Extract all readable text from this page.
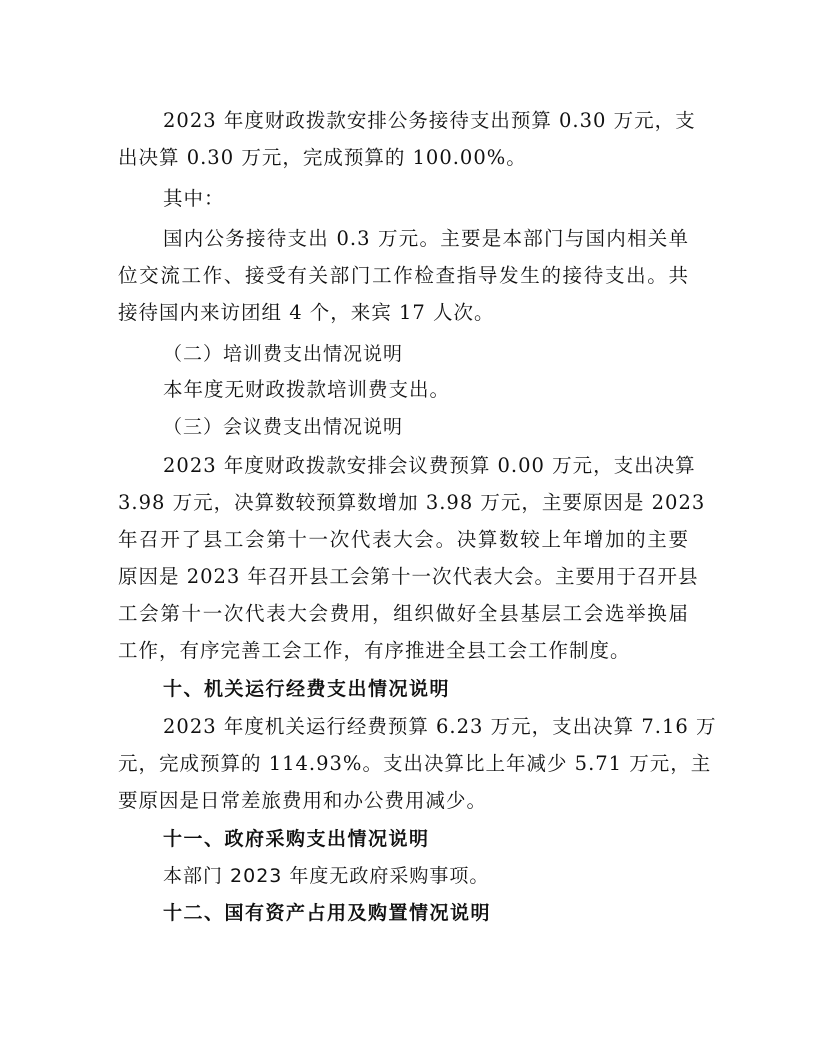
2023 年度财政拨款安排公务接待支出预算 0.30 万元，支
出决算 0.30 万元，完成预算的 100.00%。
其中：
国内公务接待支出 0.3 万元。主要是本部门与国内相关单
位交流工作、接受有关部门工作检查指导发生的接待支出。共
接待国内来访团组 4 个，来宾 17 人次。
（二）培训费支出情况说明
本年度无财政拨款培训费支出。
（三）会议费支出情况说明
2023 年度财政拨款安排会议费预算 0.00 万元，支出决算
3.98 万元，决算数较预算数增加 3.98 万元，主要原因是 2023
年召开了县工会第十一次代表大会。决算数较上年增加的主要
原因是 2023 年召开县工会第十一次代表大会。主要用于召开县
工会第十一次代表大会费用，组织做好全县基层工会选举换届
工作，有序完善工会工作，有序推进全县工会工作制度。
十、机关运行经费支出情况说明
2023 年度机关运行经费预算 6.23 万元，支出决算 7.16 万
元，完成预算的 114.93%。支出决算比上年减少 5.71 万元，主
要原因是日常差旅费用和办公费用减少。
十一、政府采购支出情况说明
本部门 2023 年度无政府采购事项。
十二、国有资产占用及购置情况说明
